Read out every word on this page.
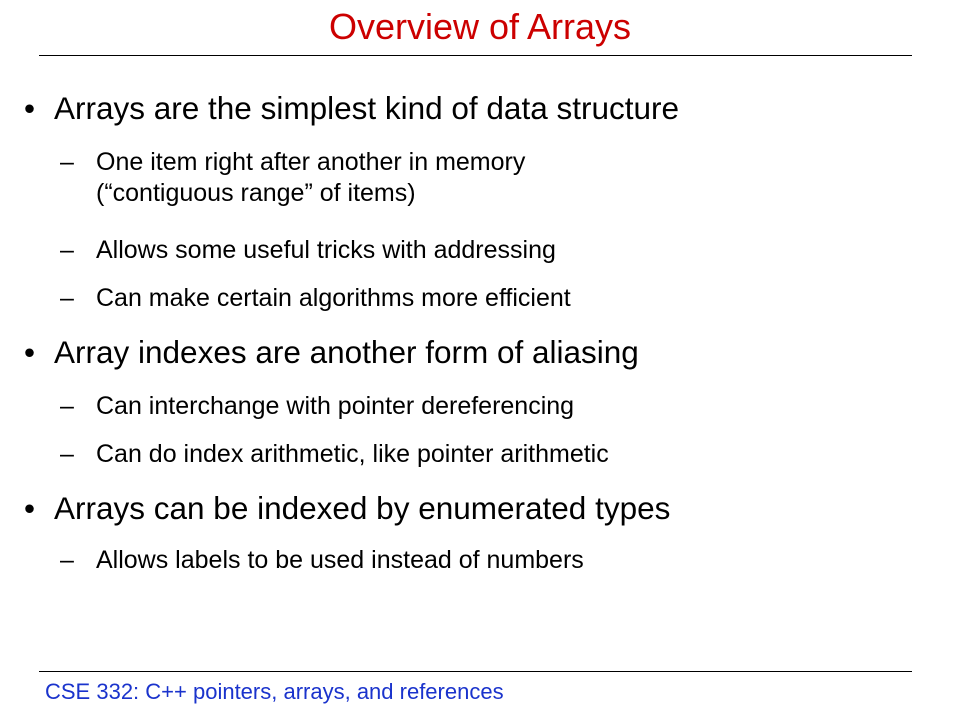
Overview of Arrays
• Arrays are the simplest kind of data structure
– One item right after another in memory
(“contiguous range” of items)
– Allows some useful tricks with addressing
– Can make certain algorithms more efficient
• Array indexes are another form of aliasing
– Can interchange with pointer dereferencing
– Can do index arithmetic, like pointer arithmetic
• Arrays can be indexed by enumerated types
– Allows labels to be used instead of numbers
CSE 332: C++ pointers, arrays, and references
